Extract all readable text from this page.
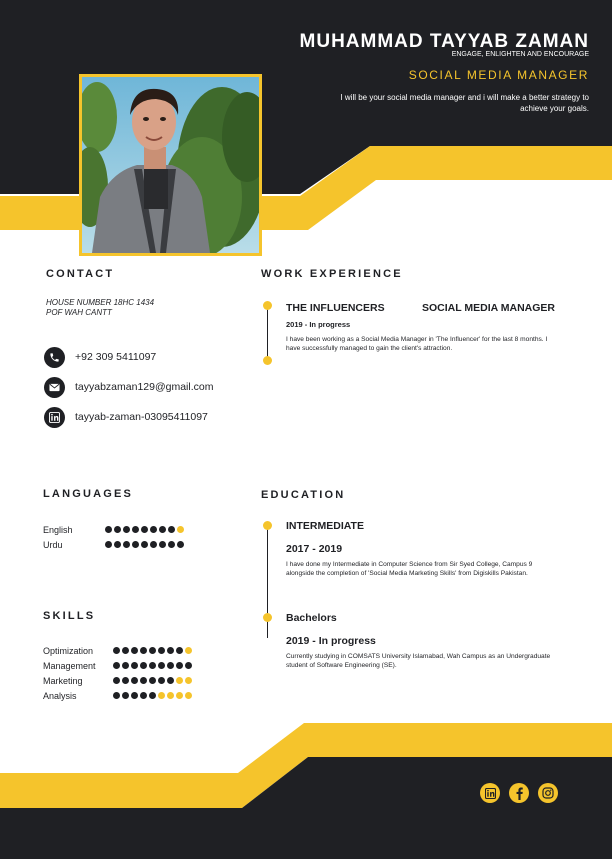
MUHAMMAD TAYYAB ZAMAN
ENGAGE, ENLIGHTEN AND ENCOURAGE
SOCIAL MEDIA MANAGER
I will be your social media manager and i will make a better strategy to achieve your goals.
CONTACT
HOUSE NUMBER 18HC 1434
POF WAH CANTT
+92 309 5411097
tayyabzaman129@gmail.com
tayyab-zaman-03095411097
LANGUAGES
English
Urdu
SKILLS
Optimization
Management
Marketing
Analysis
WORK EXPERIENCE
THE INFLUENCERS	SOCIAL MEDIA MANAGER
2019 - In progress
I have been working as a Social Media Manager in 'The Influencer' for the last 8 months. I have successfully managed to gain the client's attraction.
EDUCATION
INTERMEDIATE
2017 - 2019
I have done my Intermediate in Computer Science from Sir Syed College, Campus 9 alongside the completion of 'Social Media Marketing Skills' from Digiskills Pakistan.
Bachelors
2019 - In progress
Currently studying in COMSATS University Islamabad, Wah Campus as an Undergraduate student of Software Engineering (SE).
